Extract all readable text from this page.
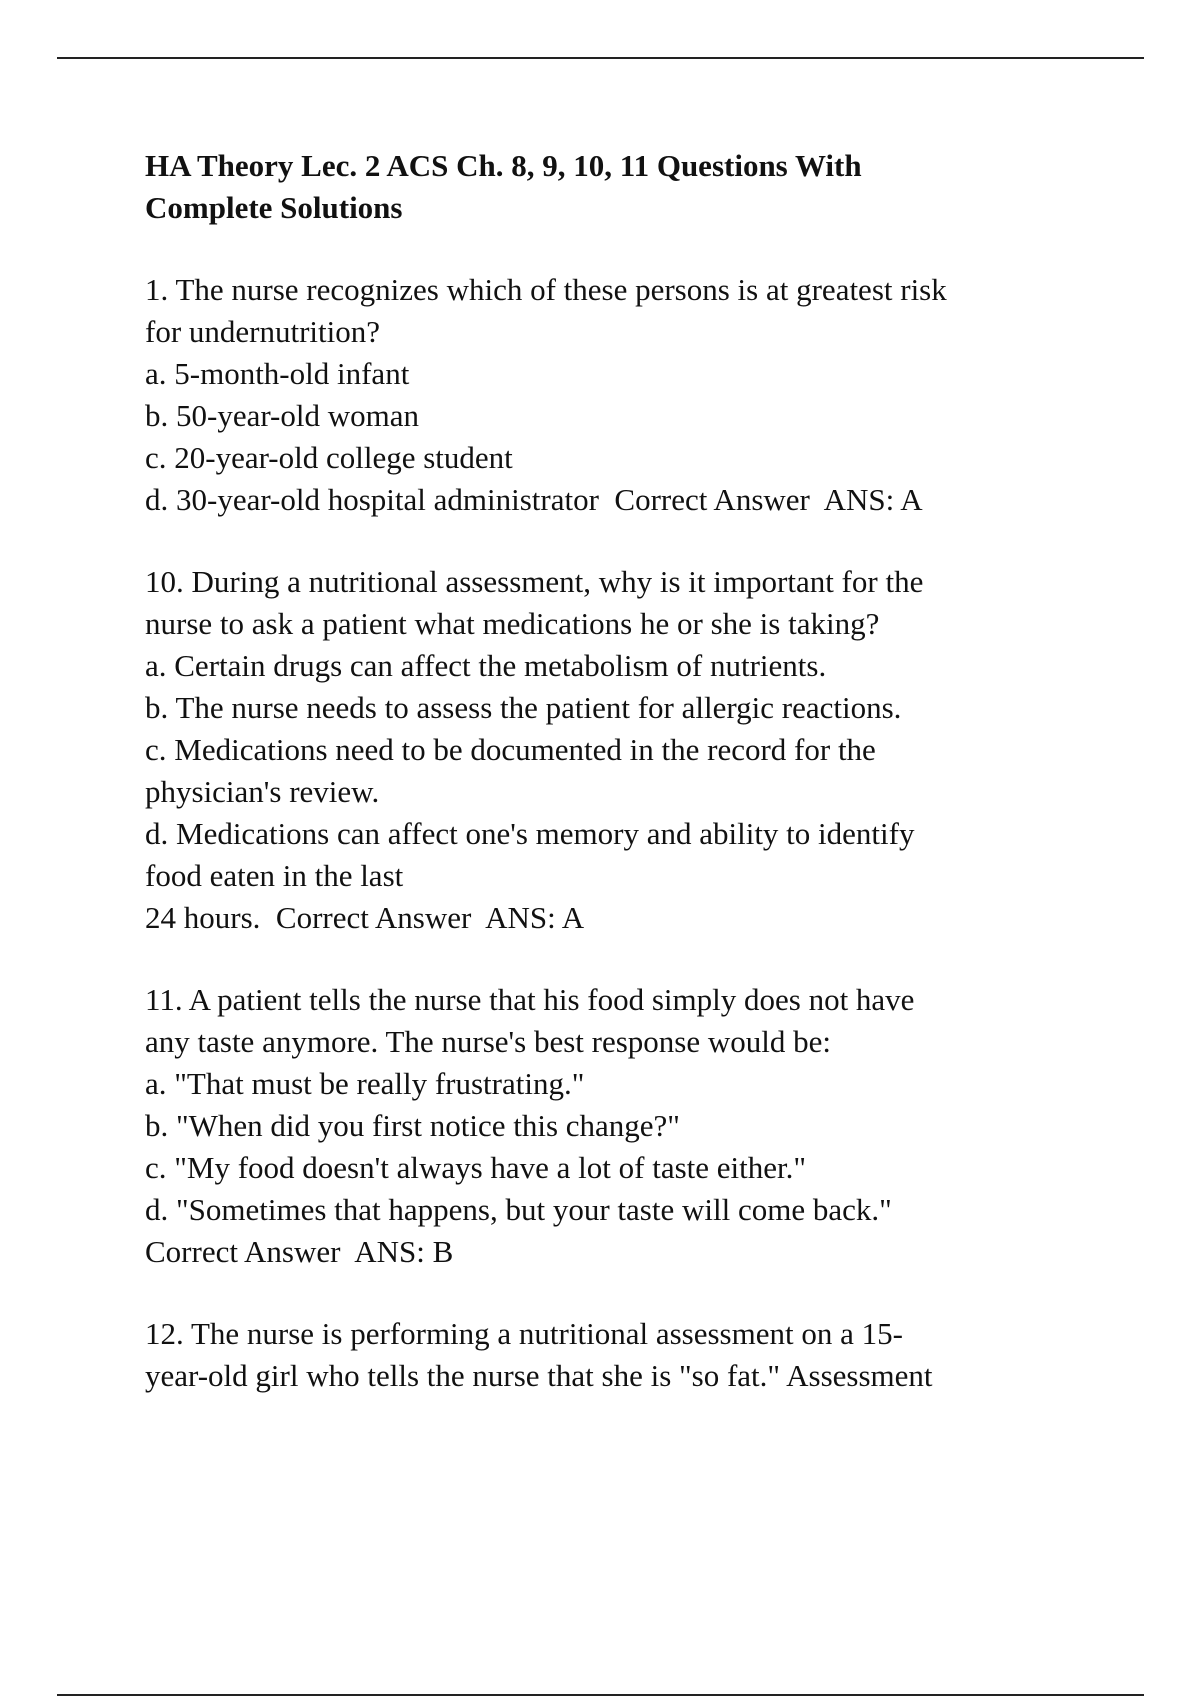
HA Theory Lec. 2 ACS Ch. 8, 9, 10, 11 Questions With
Complete Solutions
1. The nurse recognizes which of these persons is at greatest risk
for undernutrition?
a. 5-month-old infant
b. 50-year-old woman
c. 20-year-old college student
d. 30-year-old hospital administrator  Correct Answer  ANS: A
10. During a nutritional assessment, why is it important for the
nurse to ask a patient what medications he or she is taking?
a. Certain drugs can affect the metabolism of nutrients.
b. The nurse needs to assess the patient for allergic reactions.
c. Medications need to be documented in the record for the
physician's review.
d. Medications can affect one's memory and ability to identify
food eaten in the last
24 hours.  Correct Answer  ANS: A
11. A patient tells the nurse that his food simply does not have
any taste anymore. The nurse's best response would be:
a. "That must be really frustrating."
b. "When did you first notice this change?"
c. "My food doesn't always have a lot of taste either."
d. "Sometimes that happens, but your taste will come back."
Correct Answer  ANS: B
12. The nurse is performing a nutritional assessment on a 15-
year-old girl who tells the nurse that she is "so fat." Assessment
